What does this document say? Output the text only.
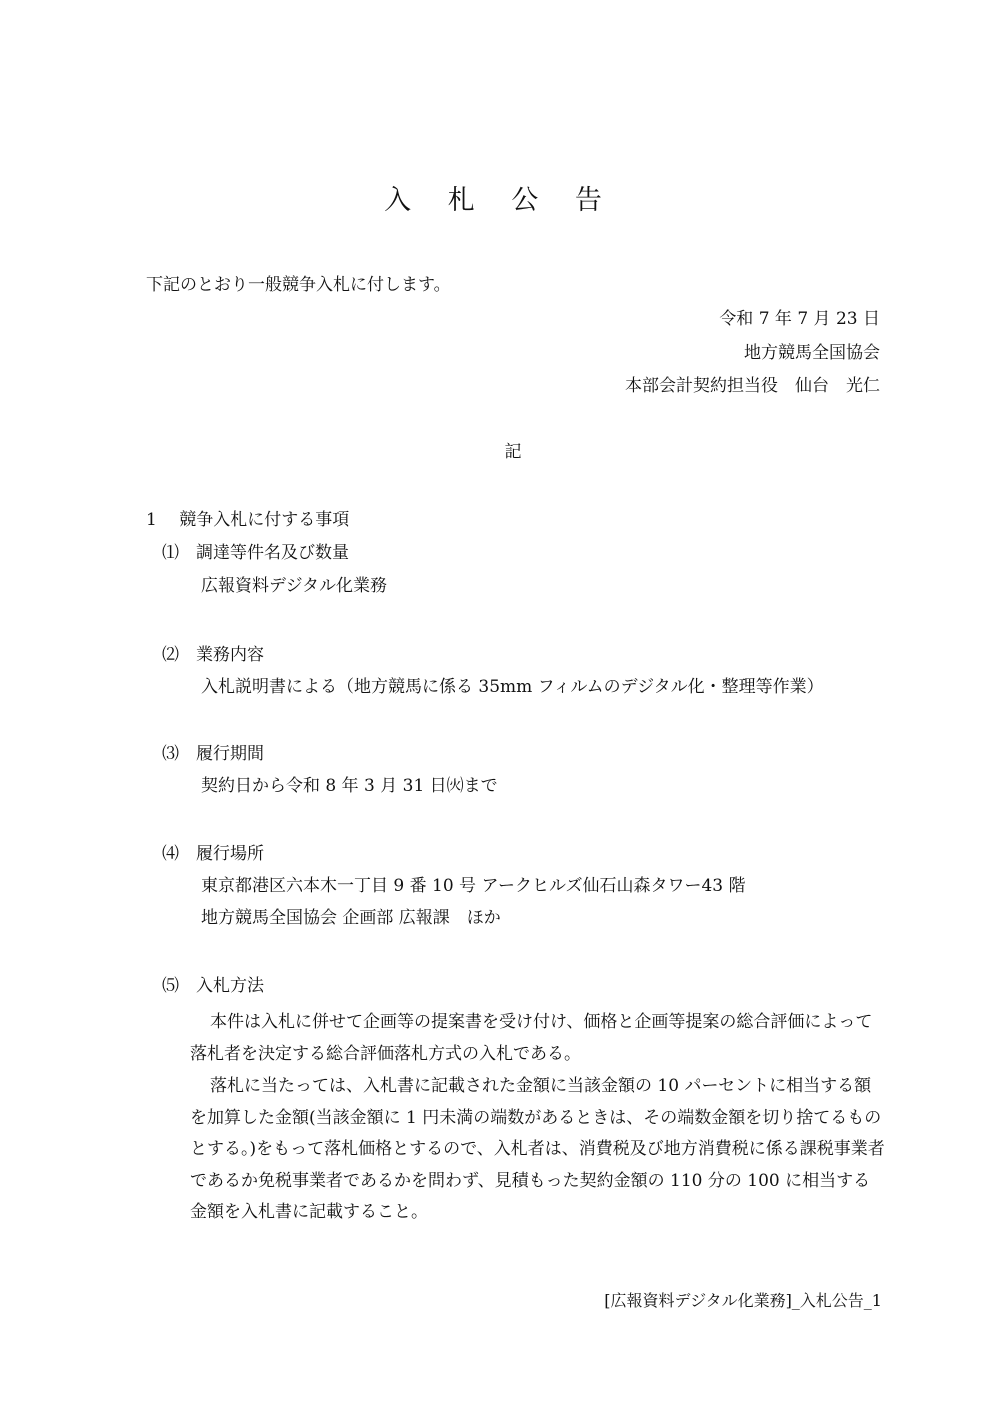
入 札 公 告
下記のとおり一般競争入札に付します。
令和 7 年 7 月 23 日
地方競馬全国協会
本部会計契約担当役　仙台　光仁
記
1　 競争入札に付する事項
⑴　調達等件名及び数量
広報資料デジタル化業務
⑵　業務内容
入札説明書による（地方競馬に係る 35mm フィルムのデジタル化・整理等作業）
⑶　履行期間
契約日から令和 8 年 3 月 31 日㈫まで
⑷　履行場所
東京都港区六本木一丁目 9 番 10 号 アークヒルズ仙石山森タワー43 階
地方競馬全国協会 企画部 広報課　ほか
⑸　入札方法
本件は入札に併せて企画等の提案書を受け付け、価格と企画等提案の総合評価によって落札者を決定する総合評価落札方式の入札である。
落札に当たっては、入札書に記載された金額に当該金額の 10 パーセントに相当する額を加算した金額(当該金額に 1 円未満の端数があるときは、その端数金額を切り捨てるものとする。)をもって落札価格とするので、入札者は、消費税及び地方消費税に係る課税事業者であるか免税事業者であるかを問わず、見積もった契約金額の 110 分の 100 に相当する金額を入札書に記載すること。
[広報資料デジタル化業務]_入札公告_1
